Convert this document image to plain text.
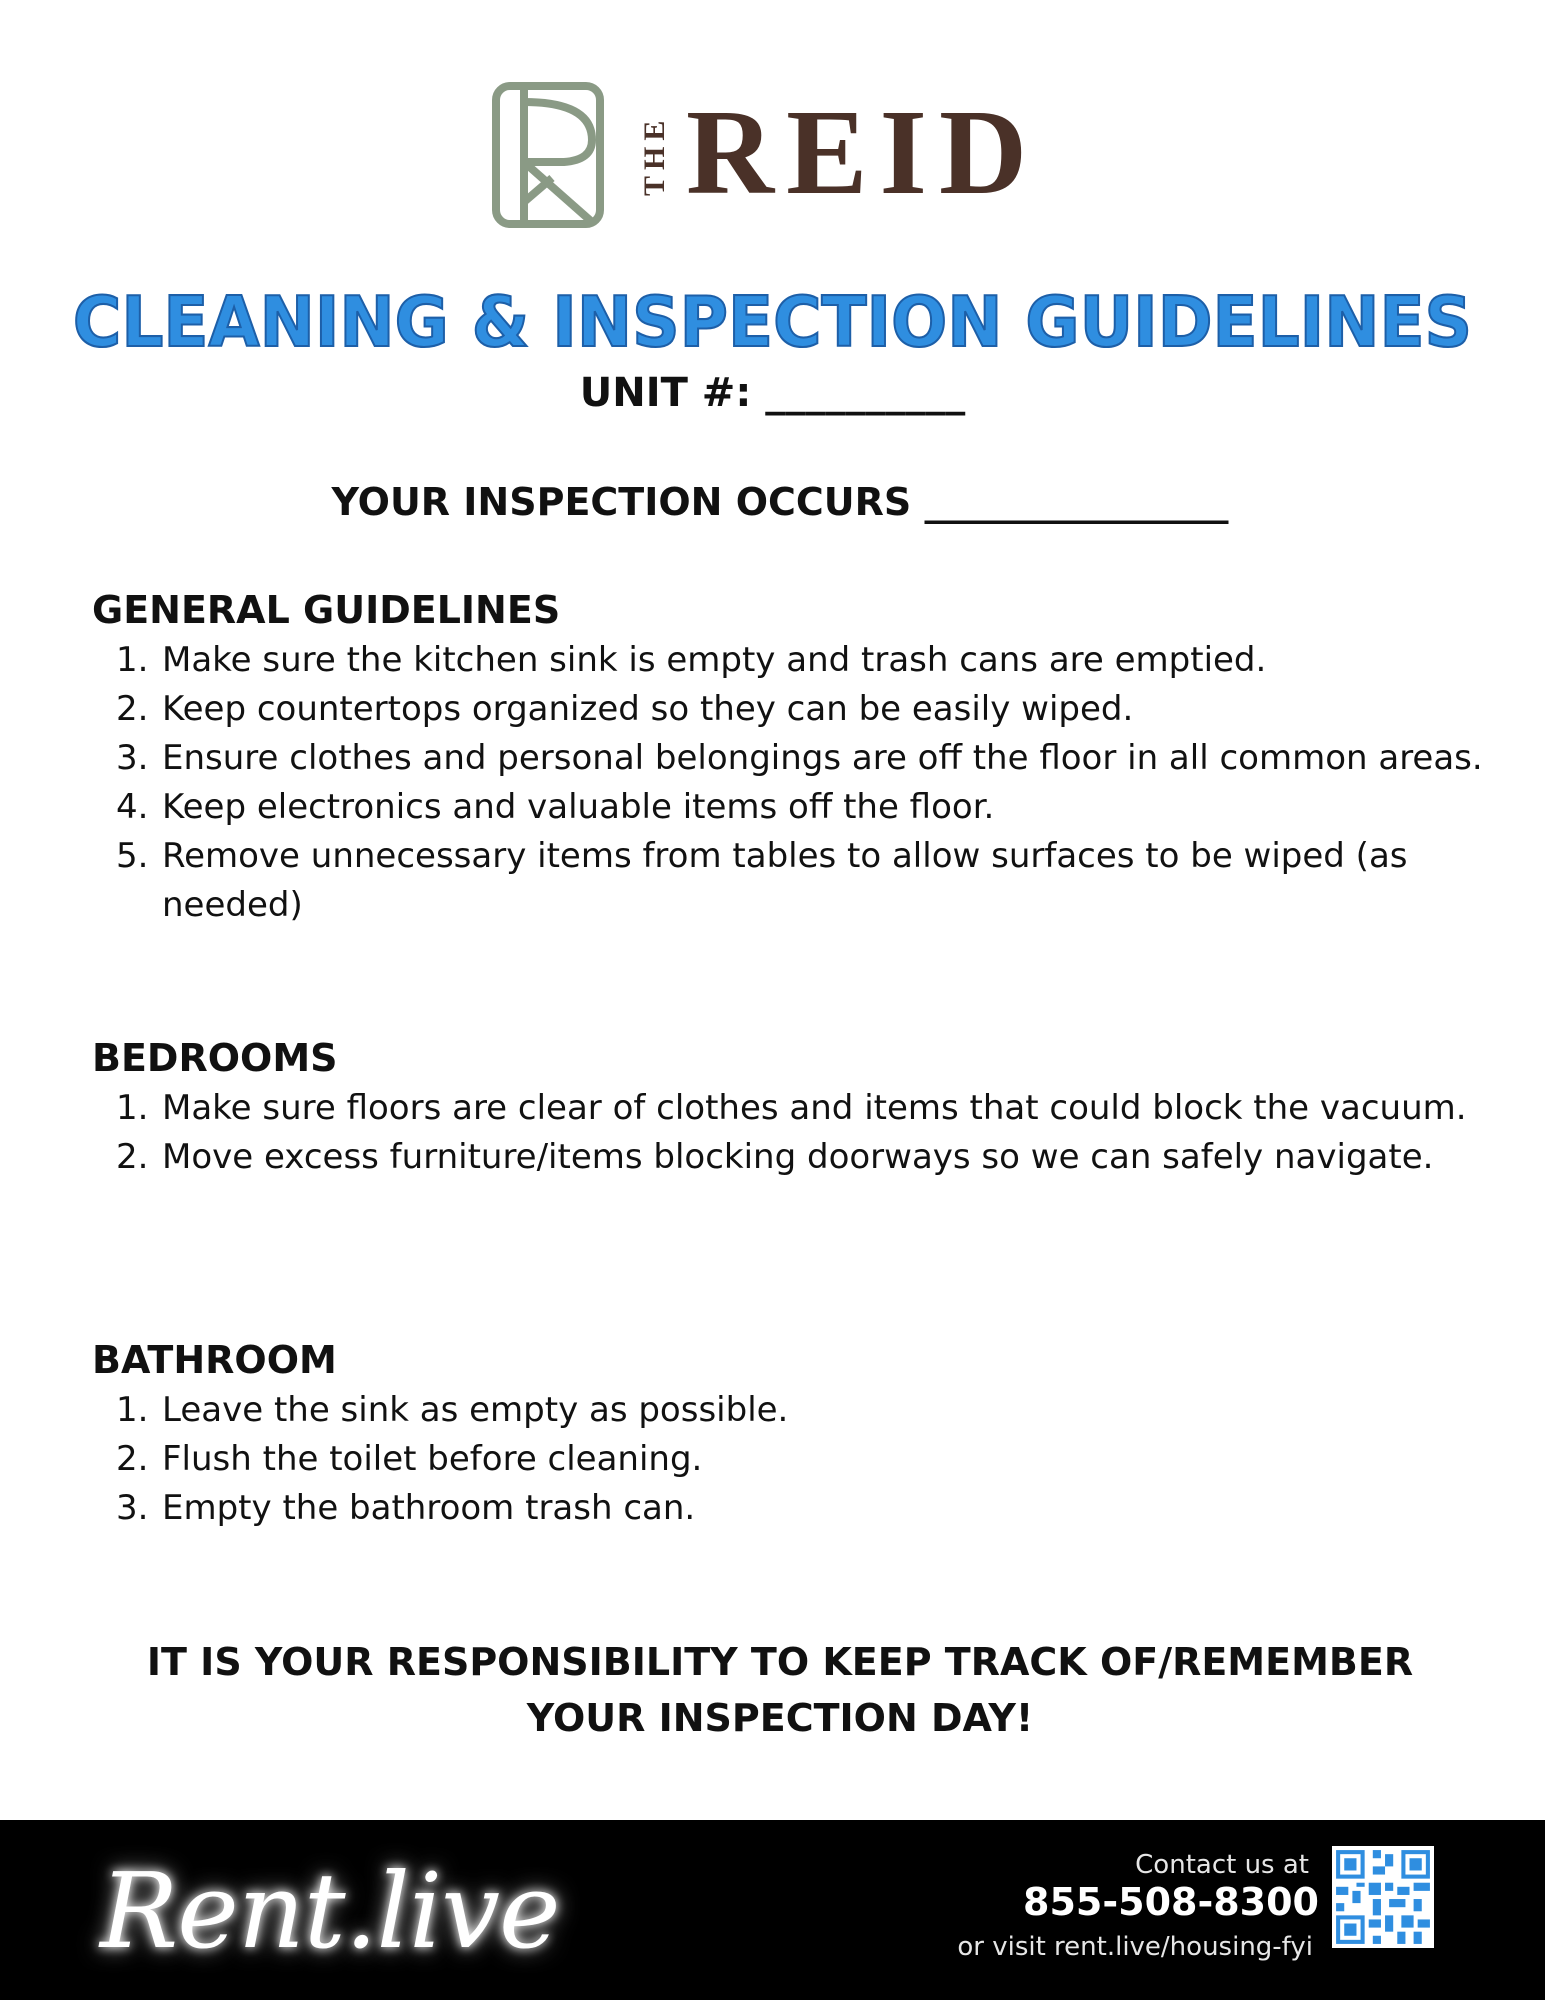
THE REID
CLEANING & INSPECTION GUIDELINES
UNIT #: __________
YOUR INSPECTION OCCURS ________________
GENERAL GUIDELINES
1. Make sure the kitchen sink is empty and trash cans are emptied.
2. Keep countertops organized so they can be easily wiped.
3. Ensure clothes and personal belongings are off the floor in all common areas.
4. Keep electronics and valuable items off the floor.
5. Remove unnecessary items from tables to allow surfaces to be wiped (as needed)
BEDROOMS
1. Make sure floors are clear of clothes and items that could block the vacuum.
2. Move excess furniture/items blocking doorways so we can safely navigate.
BATHROOM
1. Leave the sink as empty as possible.
2. Flush the toilet before cleaning.
3. Empty the bathroom trash can.
IT IS YOUR RESPONSIBILITY TO KEEP TRACK OF/REMEMBER YOUR INSPECTION DAY!
Rent.live	Contact us at
855-508-8300
or visit rent.live/housing-fyi
